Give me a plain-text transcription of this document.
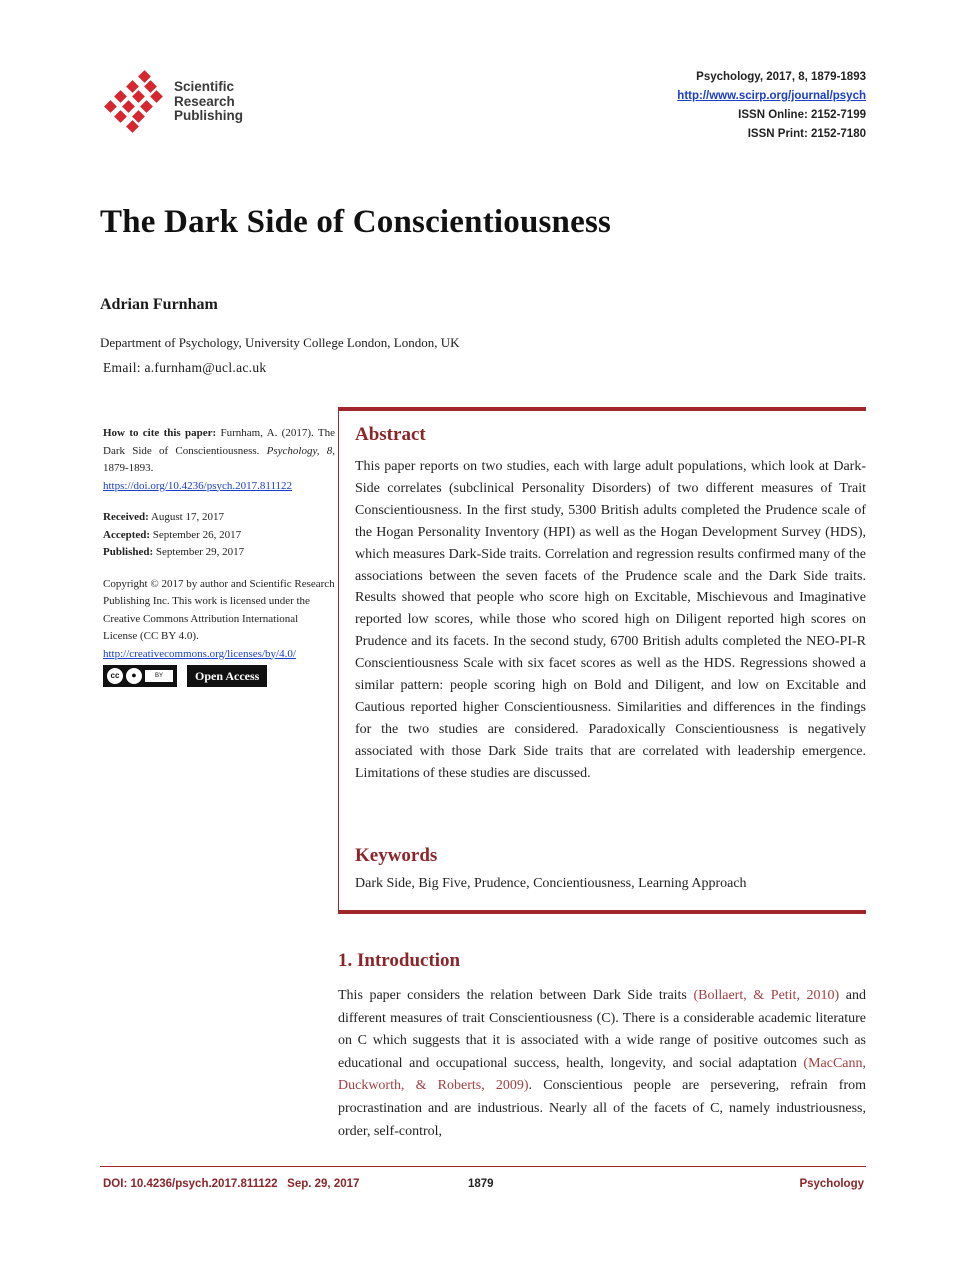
Scientific
Research
Publishing
Psychology, 2017, 8, 1879-1893
http://www.scirp.org/journal/psych
ISSN Online: 2152-7199
ISSN Print: 2152-7180
The Dark Side of Conscientiousness
Adrian Furnham
Department of Psychology, University College London, London, UK
Email: a.furnham@ucl.ac.uk
How to cite this paper: Furnham, A. (2017). The Dark Side of Conscientiousness. Psychology, 8, 1879-1893.
https://doi.org/10.4236/psych.2017.811122
Received: August 17, 2017
Accepted: September 26, 2017
Published: September 29, 2017
Copyright © 2017 by author and Scientific Research Publishing Inc. This work is licensed under the Creative Commons Attribution International License (CC BY 4.0).
http://creativecommons.org/licenses/by/4.0/
cc	●	BY	Open Access
Abstract
This paper reports on two studies, each with large adult populations, which look at Dark-Side correlates (subclinical Personality Disorders) of two different measures of Trait Conscientiousness. In the first study, 5300 British adults completed the Prudence scale of the Hogan Personality Inventory (HPI) as well as the Hogan Development Survey (HDS), which measures Dark-Side traits. Correlation and regression results confirmed many of the associations between the seven facets of the Prudence scale and the Dark Side traits. Results showed that people who score high on Excitable, Mischievous and Imaginative reported low scores, while those who scored high on Diligent reported high scores on Prudence and its facets. In the second study, 6700 British adults completed the NEO-PI-R Conscientiousness Scale with six facet scores as well as the HDS. Regressions showed a similar pattern: people scoring high on Bold and Diligent, and low on Excitable and Cautious reported higher Conscientiousness. Similarities and differences in the findings for the two studies are considered. Paradoxically Conscientiousness is negatively associated with those Dark Side traits that are correlated with leadership emergence. Limitations of these studies are discussed.
Keywords
Dark Side, Big Five, Prudence, Concientiousness, Learning Approach
1. Introduction
This paper considers the relation between Dark Side traits (Bollaert, & Petit, 2010) and different measures of trait Conscientiousness (C). There is a considerable academic literature on C which suggests that it is associated with a wide range of positive outcomes such as educational and occupational success, health, longevity, and social adaptation (MacCann, Duckworth, & Roberts, 2009). Conscientious people are persevering, refrain from procrastination and are industrious. Nearly all of the facets of C, namely industriousness, order, self-control,
DOI: 10.4236/psych.2017.811122 Sep. 29, 2017	1879	Psychology
